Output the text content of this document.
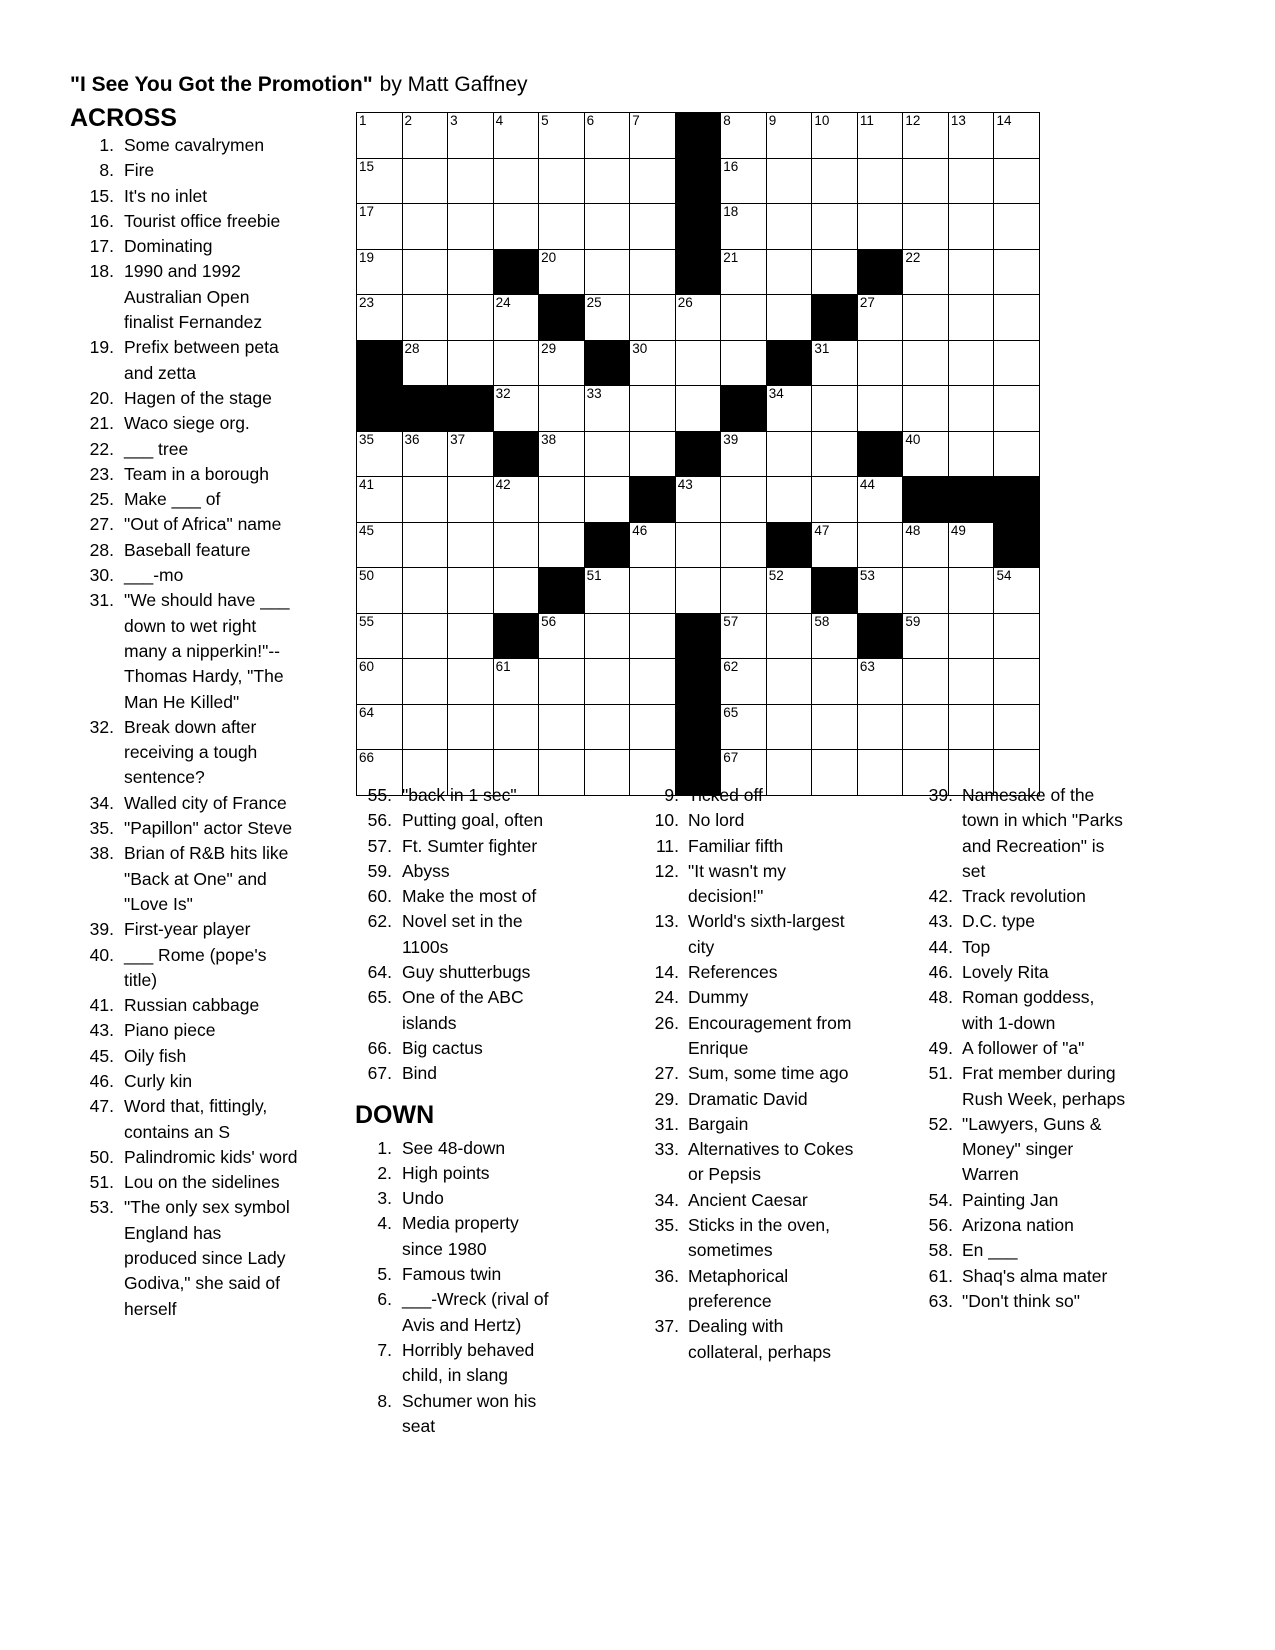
"I See You Got the Promotion" by Matt Gaffney
ACROSS
1. Some cavalrymen
8. Fire
15. It's no inlet
16. Tourist office freebie
17. Dominating
18. 1990 and 1992 Australian Open finalist Fernandez
19. Prefix between peta and zetta
20. Hagen of the stage
21. Waco siege org.
22. ___ tree
23. Team in a borough
25. Make ___ of
27. "Out of Africa" name
28. Baseball feature
30. ___-mo
31. "We should have ___ down to wet right many a nipperkin!"--Thomas Hardy, "The Man He Killed"
32. Break down after receiving a tough sentence?
34. Walled city of France
35. "Papillon" actor Steve
38. Brian of R&B hits like "Back at One" and "Love Is"
39. First-year player
40. ___ Rome (pope's title)
41. Russian cabbage
43. Piano piece
45. Oily fish
46. Curly kin
47. Word that, fittingly, contains an S
50. Palindromic kids' word
51. Lou on the sidelines
53. "The only sex symbol England has produced since Lady Godiva," she said of herself
1	2	3	4	5	6	7	8	9	10 11 12 13 14
15	16
17	18
19	20	21	22
23	24	25	26	27
28	29	30	31
32	33	34
35 36 37	38	39	40
41	42	43	44
45	46	47	48 49
50	51	52	53	54
55	56	57	58	59
60	61	62	63
64	65
66	67
55. "back in 1 sec"
56. Putting goal, often
57. Ft. Sumter fighter
59. Abyss
60. Make the most of
62. Novel set in the 1100s
64. Guy shutterbugs
65. One of the ABC islands
66. Big cactus
67. Bind
DOWN
1. See 48-down
2. High points
3. Undo
4. Media property since 1980
5. Famous twin
6. ___-Wreck (rival of Avis and Hertz)
7. Horribly behaved child, in slang
8. Schumer won his seat
9. Ticked off
10. No lord
11. Familiar fifth
12. "It wasn't my decision!"
13. World's sixth-largest city
14. References
24. Dummy
26. Encouragement from Enrique
27. Sum, some time ago
29. Dramatic David
31. Bargain
33. Alternatives to Cokes or Pepsis
34. Ancient Caesar
35. Sticks in the oven, sometimes
36. Metaphorical preference
37. Dealing with collateral, perhaps
39. Namesake of the town in which "Parks and Recreation" is set
42. Track revolution
43. D.C. type
44. Top
46. Lovely Rita
48. Roman goddess, with 1-down
49. A follower of "a"
51. Frat member during Rush Week, perhaps
52. "Lawyers, Guns & Money" singer Warren
54. Painting Jan
56. Arizona nation
58. En ___
61. Shaq's alma mater
63. "Don't think so"
